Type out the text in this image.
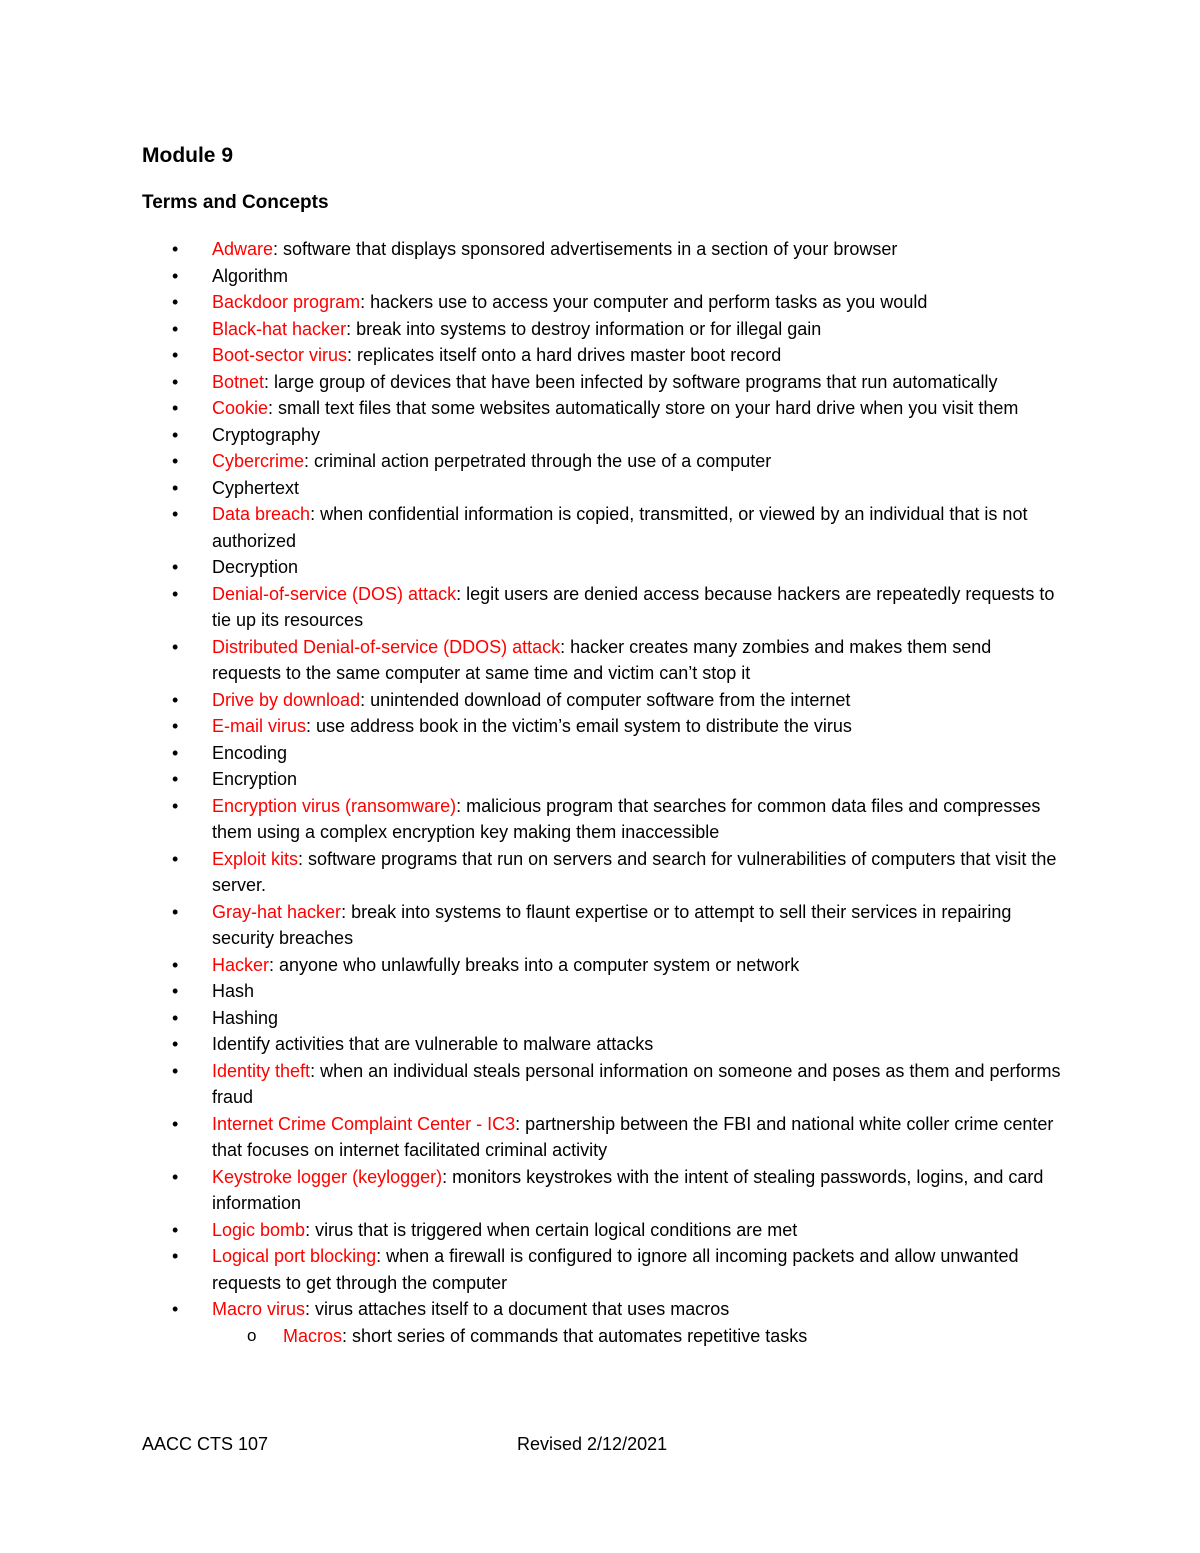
Module 9
Terms and Concepts
• Adware: software that displays sponsored advertisements in a section of your browser
• Algorithm
• Backdoor program: hackers use to access your computer and perform tasks as you would
• Black-hat hacker: break into systems to destroy information or for illegal gain
• Boot-sector virus: replicates itself onto a hard drives master boot record
• Botnet: large group of devices that have been infected by software programs that run automatically
• Cookie: small text files that some websites automatically store on your hard drive when you visit them
• Cryptography
• Cybercrime: criminal action perpetrated through the use of a computer
• Cyphertext
• Data breach: when confidential information is copied, transmitted, or viewed by an individual that is not authorized
• Decryption
• Denial-of-service (DOS) attack: legit users are denied access because hackers are repeatedly requests to tie up its resources
• Distributed Denial-of-service (DDOS) attack: hacker creates many zombies and makes them send requests to the same computer at same time and victim can’t stop it
• Drive by download: unintended download of computer software from the internet
• E-mail virus: use address book in the victim’s email system to distribute the virus
• Encoding
• Encryption
• Encryption virus (ransomware): malicious program that searches for common data files and compresses them using a complex encryption key making them inaccessible
• Exploit kits: software programs that run on servers and search for vulnerabilities of computers that visit the server.
• Gray-hat hacker: break into systems to flaunt expertise or to attempt to sell their services in repairing security breaches
• Hacker: anyone who unlawfully breaks into a computer system or network
• Hash
• Hashing
• Identify activities that are vulnerable to malware attacks
• Identity theft: when an individual steals personal information on someone and poses as them and performs fraud
• Internet Crime Complaint Center - IC3: partnership between the FBI and national white coller crime center that focuses on internet facilitated criminal activity
• Keystroke logger (keylogger): monitors keystrokes with the intent of stealing passwords, logins, and card information
• Logic bomb: virus that is triggered when certain logical conditions are met
• Logical port blocking: when a firewall is configured to ignore all incoming packets and allow unwanted requests to get through the computer
• Macro virus: virus attaches itself to a document that uses macros
o Macros: short series of commands that automates repetitive tasks
AACC CTS 107	Revised 2/12/2021
